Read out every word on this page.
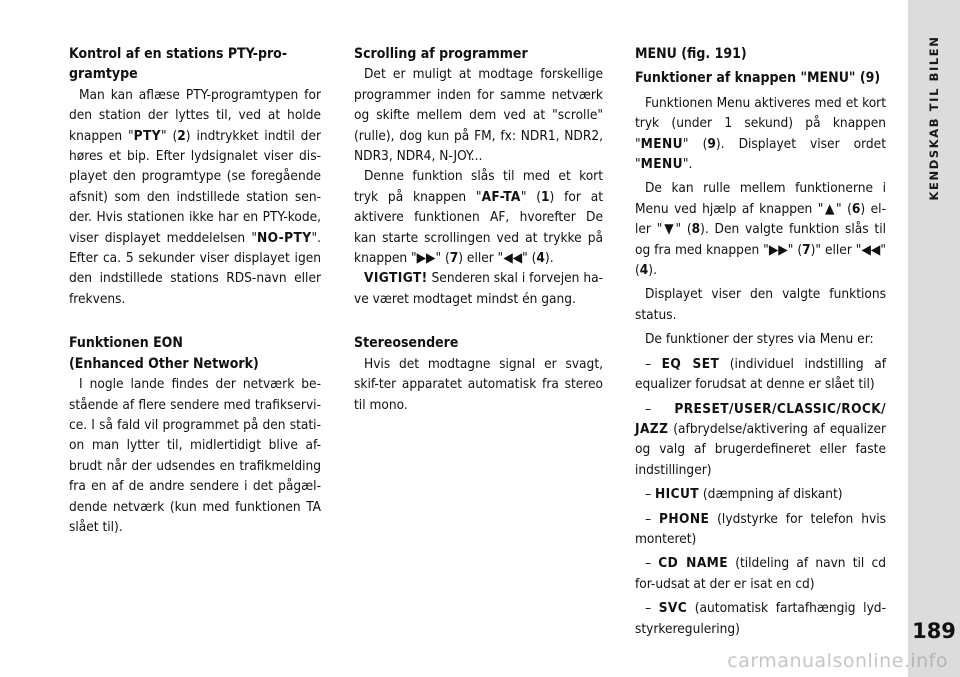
Kontrol af en stations PTY-pro-gramtype

Man kan aflæse PTY-programtypen for den station der lyttes til, ved at holde knappen "PTY" (2) indtrykket indtil der høres et bip. Efter lydsignalet viser dis-playet den programtype (se foregående afsnit) som den indstillede station sen-der. Hvis stationen ikke har en PTY-kode, viser displayet meddelelsen "NO-PTY". Efter ca. 5 sekunder viser displayet igen den indstillede stations RDS-navn eller frekvens.

Funktionen EON
(Enhanced Other Network)

I nogle lande findes der netværk be-stående af flere sendere med trafikservi-ce. I så fald vil programmet på den stati-on man lytter til, midlertidigt blive af-brudt når der udsendes en trafikmelding fra en af de andre sendere i det pågæl-dende netværk (kun med funktionen TA slået til).

Scrolling af programmer

Det er muligt at modtage forskellige programmer inden for samme netværk og skifte mellem dem ved at "scrolle" (rulle), dog kun på FM, fx: NDR1, NDR2, NDR3, NDR4, N-JOY...

Denne funktion slås til med et kort tryk på knappen "AF-TA" (1) for at aktivere funktionen AF, hvorefter De kan starte scrollingen ved at trykke på knappen "▶▶" (7) eller "◀◀" (4).

VIGTIGT! Senderen skal i forvejen ha-ve været modtaget mindst én gang.

Stereosendere

Hvis det modtagne signal er svagt, skif-ter apparatet automatisk fra stereo til mono.

MENU (fig. 191)
Funktioner af knappen "MENU" (9)

Funktionen Menu aktiveres med et kort tryk (under 1 sekund) på knappen "MENU" (9). Displayet viser ordet "MENU".

De kan rulle mellem funktionerne i Menu ved hjælp af knappen "▲" (6) el-ler "▼" (8). Den valgte funktion slås til og fra med knappen "▶▶" (7)" eller "◀◀" (4).

Displayet viser den valgte funktions status.

De funktioner der styres via Menu er:

– EQ SET (individuel indstilling af equalizer forudsat at denne er slået til)

– PRESET/USER/CLASSIC/ROCK/ JAZZ (afbrydelse/aktivering af equalizer og valg af brugerdefineret eller faste indstillinger)

– HICUT (dæmpning af diskant)

– PHONE (lydstyrke for telefon hvis monteret)

– CD NAME (tildeling af navn til cd for-udsat at der er isat en cd)

– SVC (automatisk fartafhængig lyd-styrkeregulering)

KENDSKAB TIL BILEN
189
carmanualsonline.info
